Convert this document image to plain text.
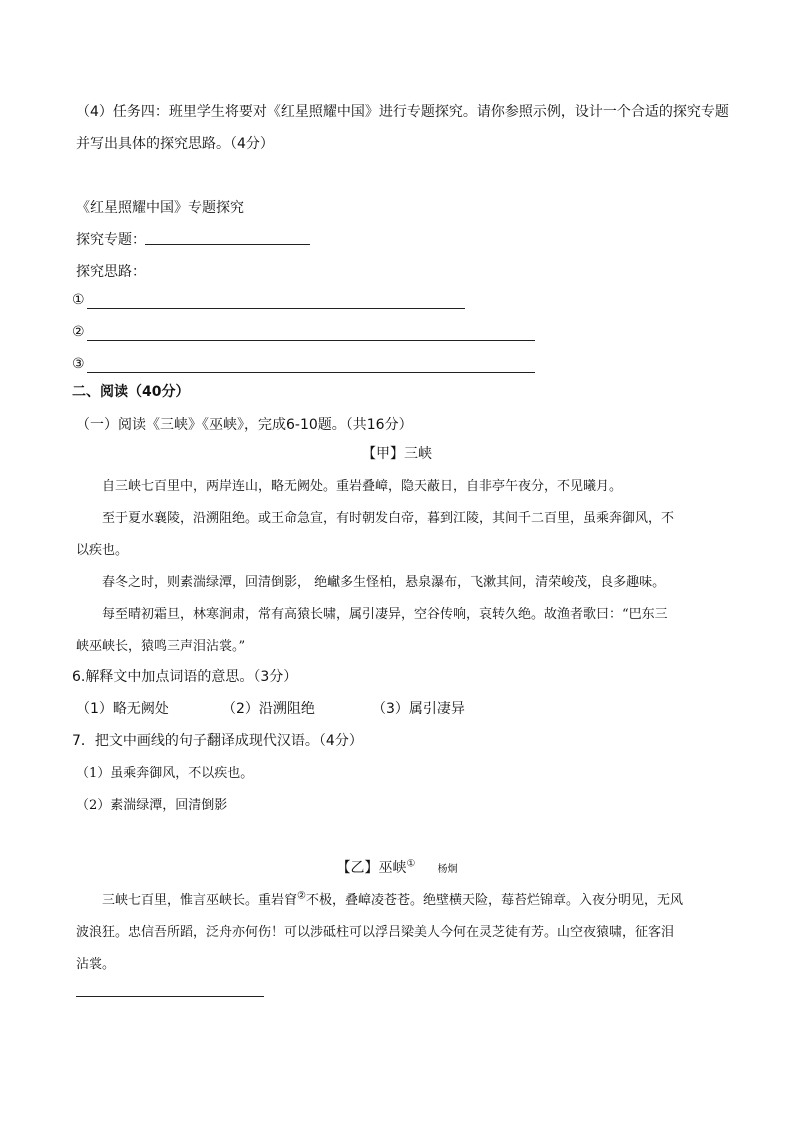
（4）任务四：班里学生将要对《红星照耀中国》进行专题探究。请你参照示例，设计一个合适的探究专题
并写出具体的探究思路。（4分）
《红星照耀中国》专题探究
探究专题：
探究思路：
①
②
③
二、阅读（40分）
（一）阅读《三峡》《巫峡》，完成6-10题。（共16分）
【甲】三峡
自三峡七百里中，两岸连山，略无阙处。重岩叠嶂，隐天蔽日，自非亭午夜分，不见曦月。
至于夏水襄陵，沿溯阻绝。或王命急宣，有时朝发白帝，暮到江陵，其间千二百里，虽乘奔御风，不
以疾也。
春冬之时，则素湍绿潭，回清倒影， 绝𪩘多生怪柏，悬泉瀑布，飞漱其间，清荣峻茂，良多趣味。
每至晴初霜旦，林寒涧肃，常有高猿长啸，属引凄异，空谷传响，哀转久绝。故渔者歌曰：“巴东三
峡巫峡长，猿鸣三声泪沾裳。”
6.解释文中加点词语的意思。（3分）
（1）略无阙处	（2）沿溯阻绝	（3）属引凄异
7．把文中画线的句子翻译成现代汉语。（4分）
（1）虽乘奔御风，不以疾也。
（2）素湍绿潭，回清倒影
【乙】巫峡①杨炯
三峡七百里，惟言巫峡长。重岩窅②不极，叠嶂凌苍苍。绝壁横天险，莓苔烂锦章。入夜分明见，无风
波浪狂。忠信吾所蹈，泛舟亦何伤！可以涉砥柱可以浮吕梁美人今何在灵芝徒有芳。山空夜猿啸，征客泪
沾裳。
